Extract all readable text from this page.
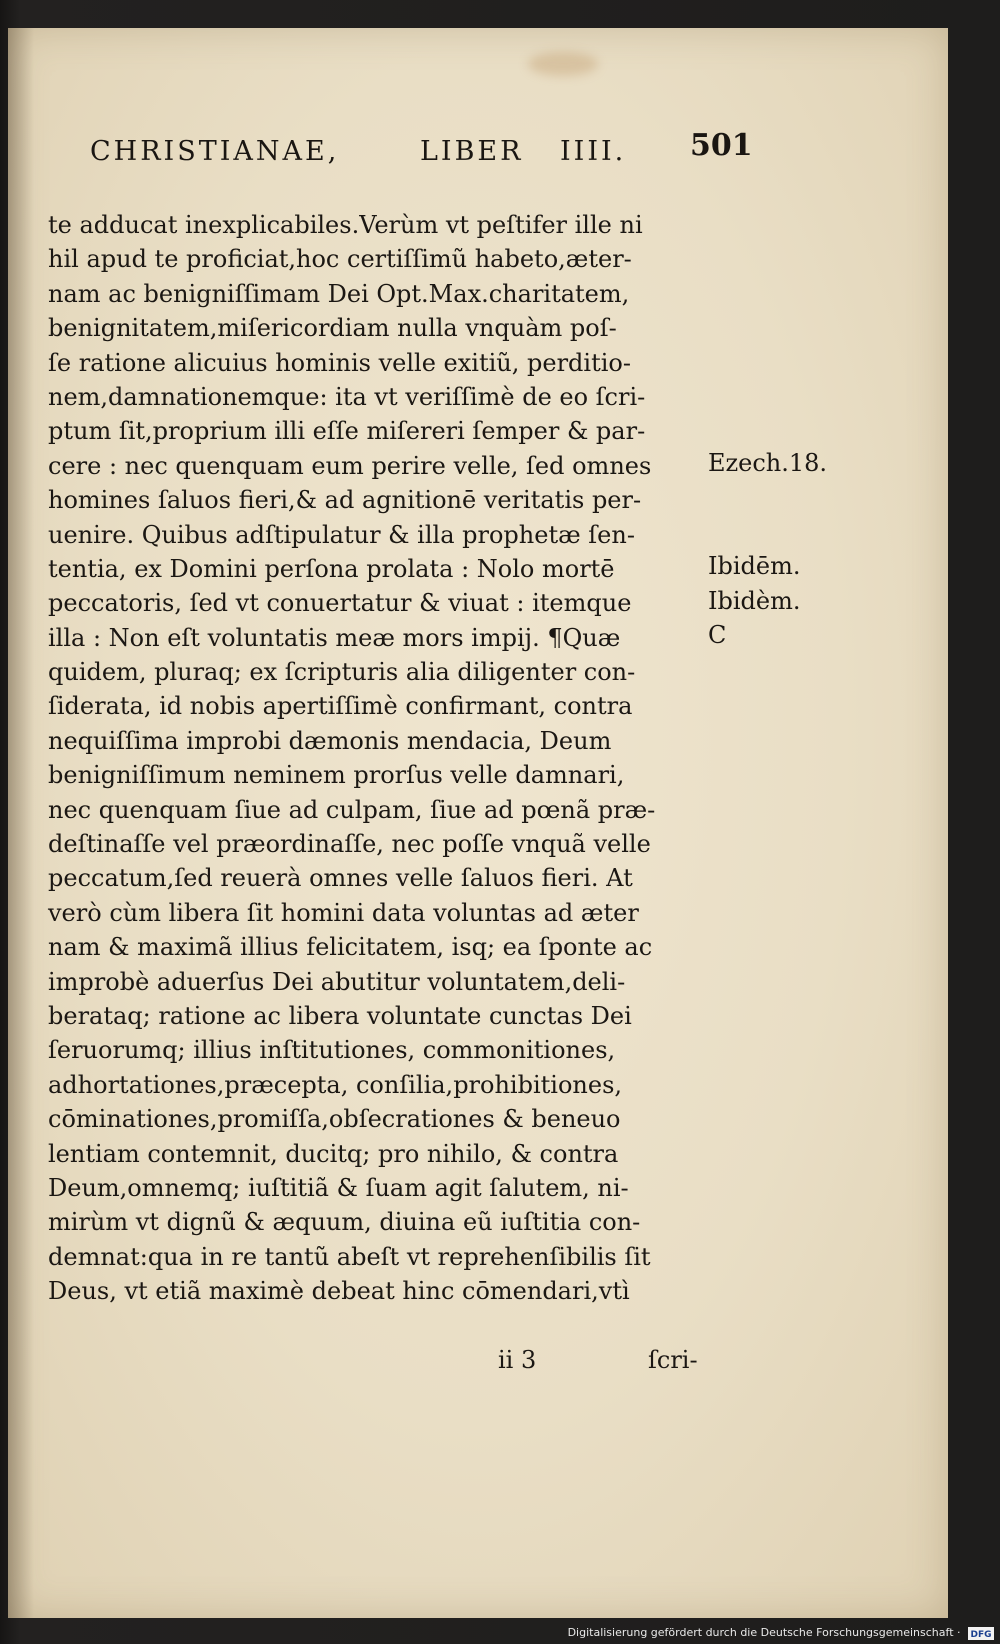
CHRISTIANAE,	LIBER IIII. 501
te adducat inexplicabiles.Verùm vt peſtifer ille ni
hil apud te proficiat,hoc certiſſimũ habeto,æter-
nam ac benigniſſimam Dei Opt.Max.charitatem,
benignitatem,miſericordiam nulla vnquàm poſ-
ſe ratione alicuius hominis velle exitiũ, perditio-
nem,damnationemque: ita vt veriſſimè de eo ſcri-
ptum ſit,proprium illi eſſe miſereri ſemper & par-
cere : nec quenquam eum perire velle, ſed omnes
homines ſaluos fieri,& ad agnitionē veritatis per-
uenire. Quibus adſtipulatur & illa prophetæ ſen-
tentia, ex Domini perſona prolata : Nolo mortē
peccatoris, ſed vt conuertatur & viuat : itemque
illa : Non eſt voluntatis meæ mors impij. ¶Quæ
quidem, pluraq; ex ſcripturis alia diligenter con-
ſiderata, id nobis apertiſſimè confirmant, contra
nequiſſima improbi dæmonis mendacia, Deum
benigniſſimum neminem prorſus velle damnari,
nec quenquam ſiue ad culpam, ſiue ad pœnã præ-
deſtinaſſe vel præordinaſſe, nec poſſe vnquã velle
peccatum,ſed reuerà omnes velle ſaluos fieri. At
verò cùm libera ſit homini data voluntas ad æter
nam & maximã illius felicitatem, isq; ea ſponte ac
improbè aduerſus Dei abutitur voluntatem,deli-
berataq; ratione ac libera voluntate cunctas Dei
ſeruorumq; illius inſtitutiones, commonitiones,
adhortationes,præcepta, conſilia,prohibitiones,
cōminationes,promiſſa,obſecrationes & beneuo
lentiam contemnit, ducitq; pro nihilo, & contra
Deum,omnemq; iuſtitiã & ſuam agit ſalutem, ni-
mirùm vt dignũ & æquum, diuina eũ iuſtitia con-
demnat:qua in re tantũ abeſt vt reprehenſibilis ſit
Deus, vt etiã maximè debeat hinc cōmendari,vtì
Ezech.18.
Ibidēm.
Ibidèm.
C
ii 3	ſcri-
Digitalisierung gefördert durch die Deutsche Forschungsgemeinschaft · DFG
